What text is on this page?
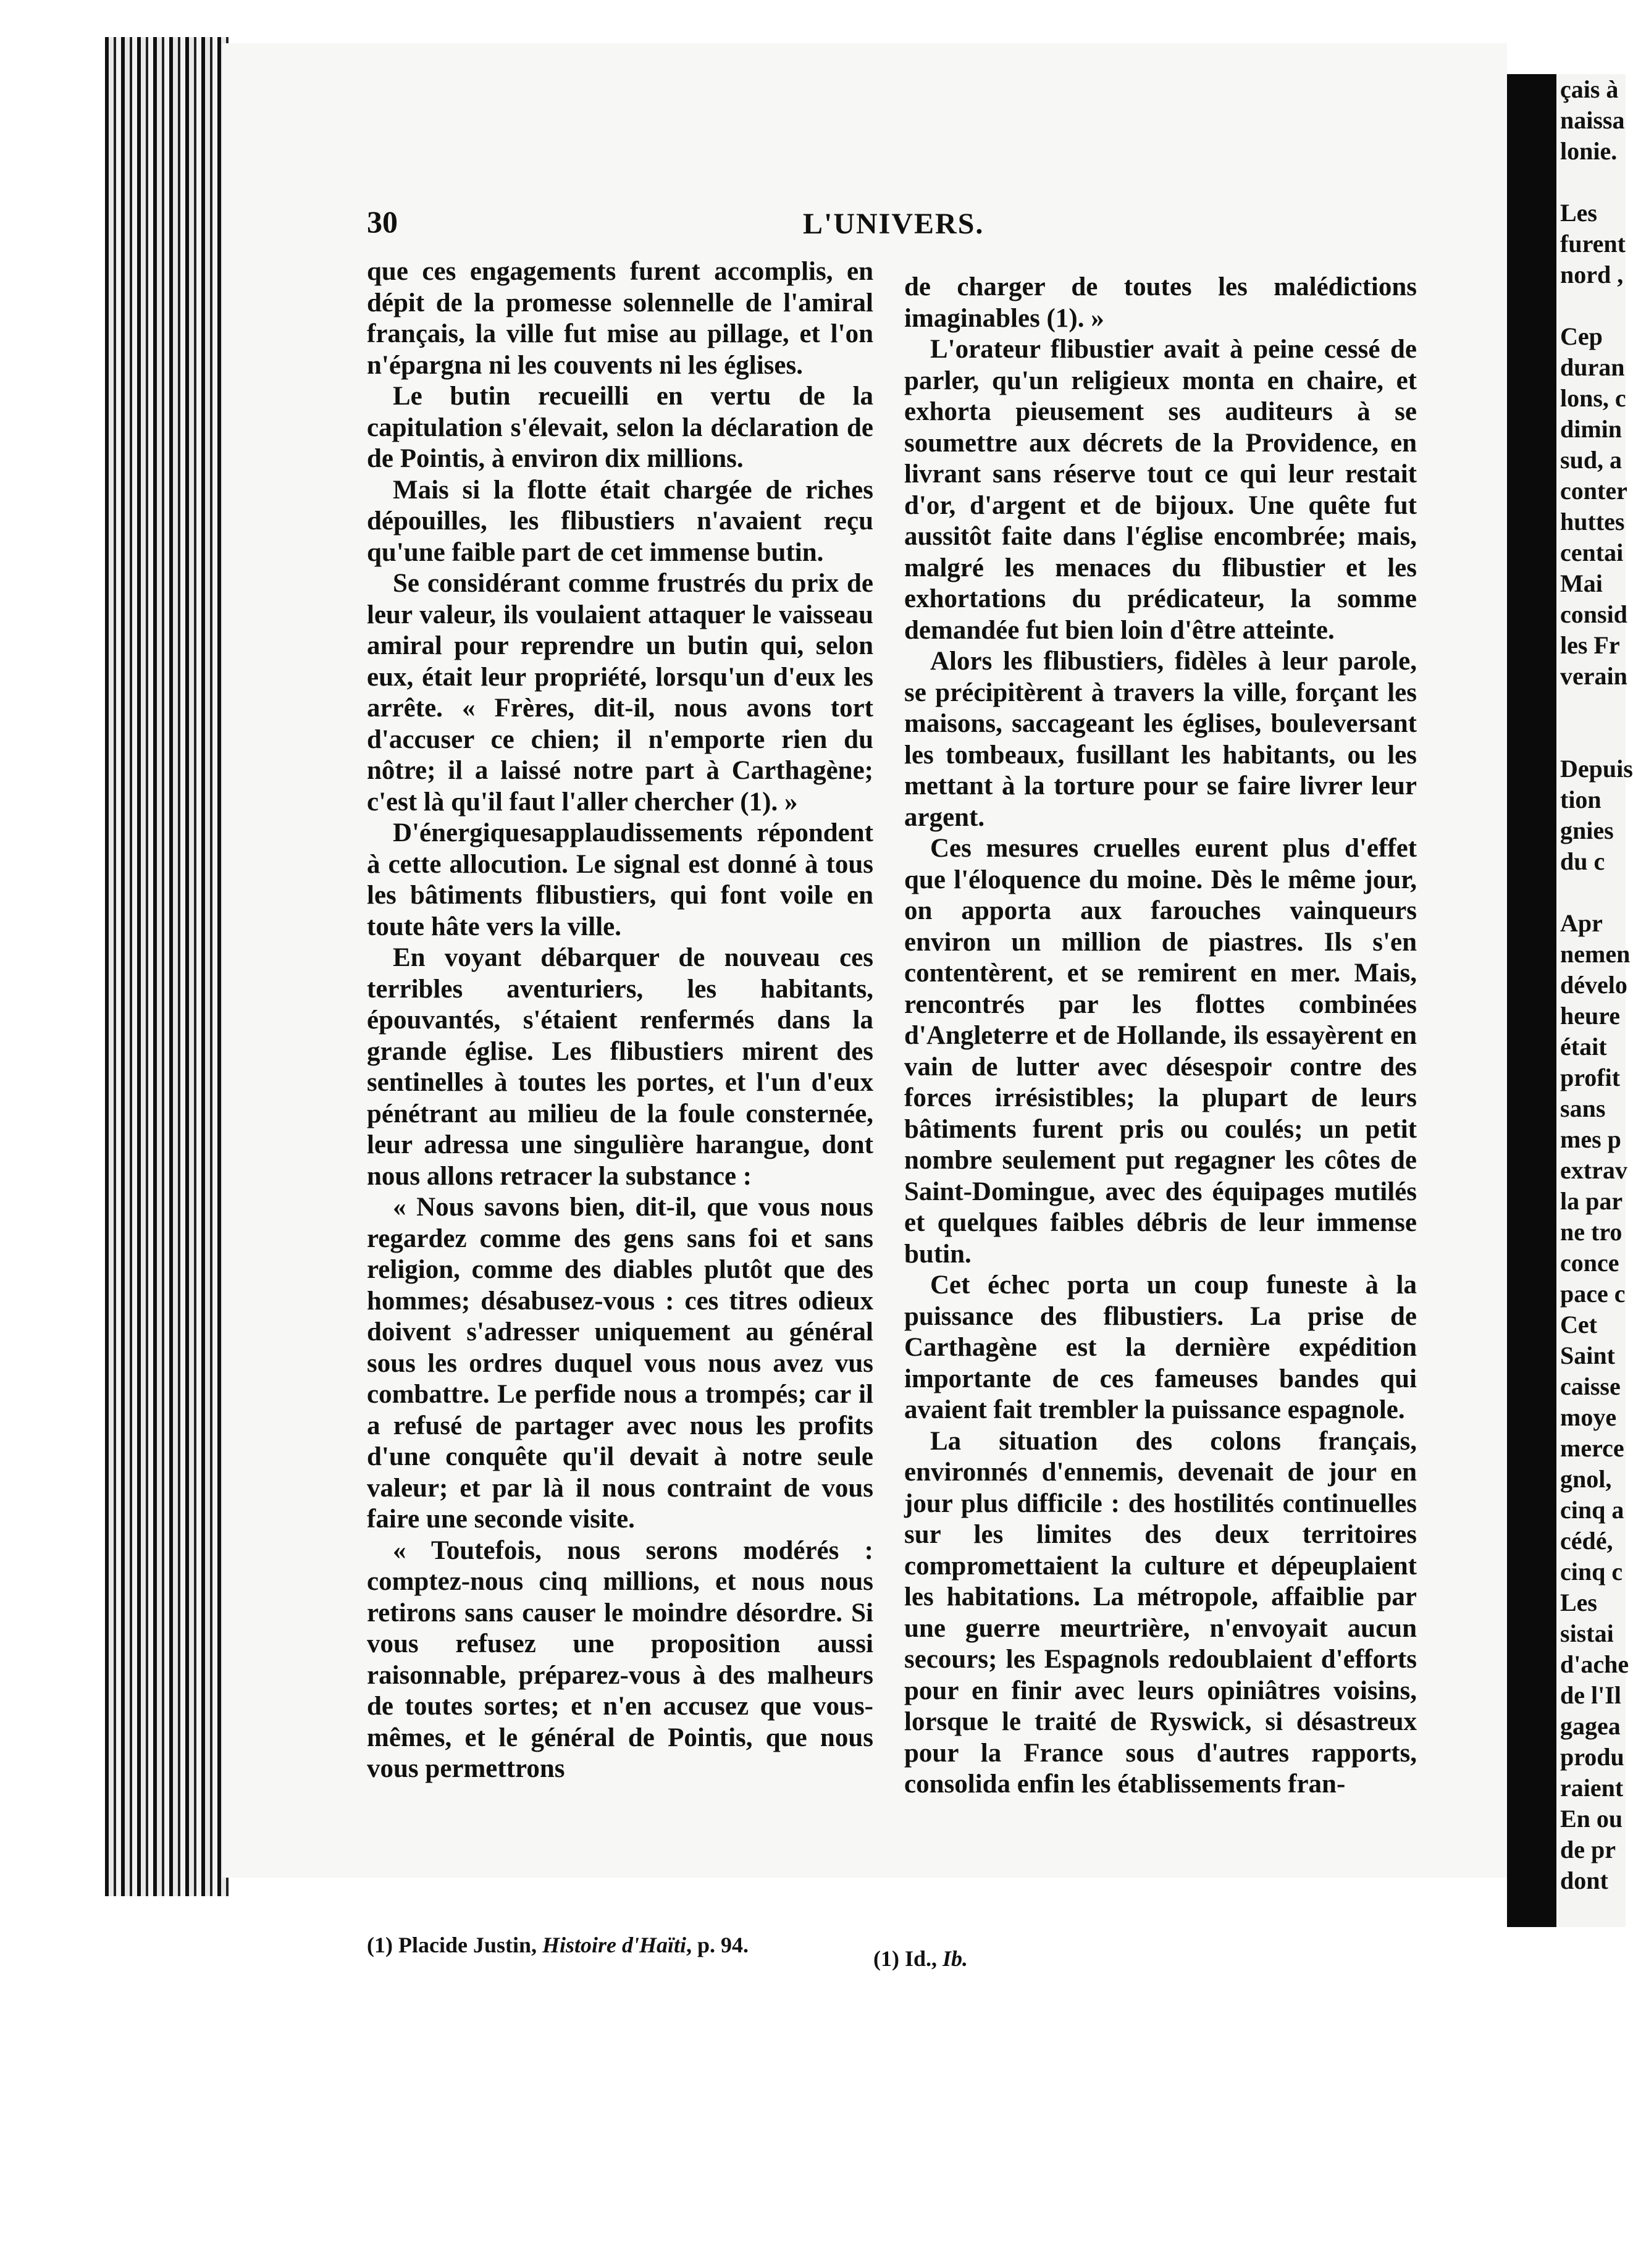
çais à
naissa
lonie.
Les
furent
nord ,
Cep
duran
lons, c
dimin
sud, a
conter
huttes
centai
Mai
consid
les Fr
verain
Depuis
tion
gnies
du c
Apr
nemen
dévelo
heure
était
profit
sans
mes p
extrav
la par
ne tro
conce
pace c
Cet
Saint
caisse
moye
merce
gnol,
cinq a
cédé,
cinq c
Les
sistai
d'ache
de l'Il
gagea
produ
raient
En ou
de pr
dont
30	L'UNIVERS.

que ces engagements furent accomplis, en dépit de la promesse solennelle de l'amiral français, la ville fut mise au pillage, et l'on n'épargna ni les couvents ni les églises.

Le butin recueilli en vertu de la capitulation s'élevait, selon la déclaration de de Pointis, à environ dix millions.

Mais si la flotte était chargée de riches dépouilles, les flibustiers n'avaient reçu qu'une faible part de cet immense butin.

Se considérant comme frustrés du prix de leur valeur, ils voulaient attaquer le vaisseau amiral pour reprendre un butin qui, selon eux, était leur propriété, lorsqu'un d'eux les arrête. « Frères, dit-il, nous avons tort d'accuser ce chien; il n'emporte rien du nôtre; il a laissé notre part à Carthagène; c'est là qu'il faut l'aller chercher (1). »

D'énergiquesapplaudissements répondent à cette allocution. Le signal est donné à tous les bâtiments flibustiers, qui font voile en toute hâte vers la ville.

En voyant débarquer de nouveau ces terribles aventuriers, les habitants, épouvantés, s'étaient renfermés dans la grande église. Les flibustiers mirent des sentinelles à toutes les portes, et l'un d'eux pénétrant au milieu de la foule consternée, leur adressa une singulière harangue, dont nous allons retracer la substance :

« Nous savons bien, dit-il, que vous nous regardez comme des gens sans foi et sans religion, comme des diables plutôt que des hommes; désabusez-vous : ces titres odieux doivent s'adresser uniquement au général sous les ordres duquel vous nous avez vus combattre. Le perfide nous a trompés; car il a refusé de partager avec nous les profits d'une conquête qu'il devait à notre seule valeur; et par là il nous contraint de vous faire une seconde visite.

« Toutefois, nous serons modérés : comptez-nous cinq millions, et nous nous retirons sans causer le moindre désordre. Si vous refusez une proposition aussi raisonnable, préparez-vous à des malheurs de toutes sortes; et n'en accusez que vous-mêmes, et le général de Pointis, que nous vous permettrons

de charger de toutes les malédictions imaginables (1). »

L'orateur flibustier avait à peine cessé de parler, qu'un religieux monta en chaire, et exhorta pieusement ses auditeurs à se soumettre aux décrets de la Providence, en livrant sans réserve tout ce qui leur restait d'or, d'argent et de bijoux. Une quête fut aussitôt faite dans l'église encombrée; mais, malgré les menaces du flibustier et les exhortations du prédicateur, la somme demandée fut bien loin d'être atteinte.

Alors les flibustiers, fidèles à leur parole, se précipitèrent à travers la ville, forçant les maisons, saccageant les églises, bouleversant les tombeaux, fusillant les habitants, ou les mettant à la torture pour se faire livrer leur argent.

Ces mesures cruelles eurent plus d'effet que l'éloquence du moine. Dès le même jour, on apporta aux farouches vainqueurs environ un million de piastres. Ils s'en contentèrent, et se remirent en mer. Mais, rencontrés par les flottes combinées d'Angleterre et de Hollande, ils essayèrent en vain de lutter avec désespoir contre des forces irrésistibles; la plupart de leurs bâtiments furent pris ou coulés; un petit nombre seulement put regagner les côtes de Saint-Domingue, avec des équipages mutilés et quelques faibles débris de leur immense butin.

Cet échec porta un coup funeste à la puissance des flibustiers. La prise de Carthagène est la dernière expédition importante de ces fameuses bandes qui avaient fait trembler la puissance espagnole.

La situation des colons français, environnés d'ennemis, devenait de jour en jour plus difficile : des hostilités continuelles sur les limites des deux territoires compromettaient la culture et dépeuplaient les habitations. La métropole, affaiblie par une guerre meurtrière, n'envoyait aucun secours; les Espagnols redoublaient d'efforts pour en finir avec leurs opiniâtres voisins, lorsque le traité de Ryswick, si désastreux pour la France sous d'autres rapports, consolida enfin les établissements fran-

(1) Placide Justin, Histoire d'Haïti, p. 94.
(1) Id., Ib.
